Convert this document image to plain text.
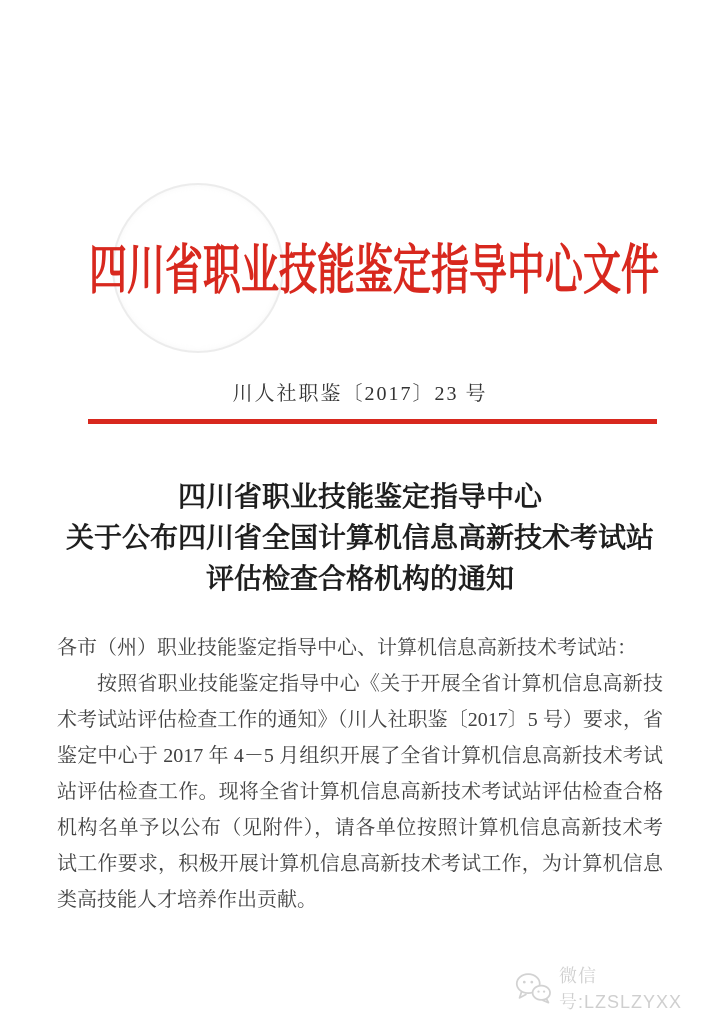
四川省职业技能鉴定指导中心文件
川人社职鉴〔2017〕23 号
四川省职业技能鉴定指导中心
关于公布四川省全国计算机信息高新技术考试站
评估检查合格机构的通知

各市（州）职业技能鉴定指导中心、计算机信息高新技术考试站：

按照省职业技能鉴定指导中心《关于开展全省计算机信息高新技术考试站评估检查工作的通知》（川人社职鉴〔2017〕5 号）要求，省鉴定中心于 2017 年 4－5 月组织开展了全省计算机信息高新技术考试站评估检查工作。现将全省计算机信息高新技术考试站评估检查合格机构名单予以公布（见附件），请各单位按照计算机信息高新技术考试工作要求，积极开展计算机信息高新技术考试工作，为计算机信息类高技能人才培养作出贡献。

微信号:LZSLZYXX
